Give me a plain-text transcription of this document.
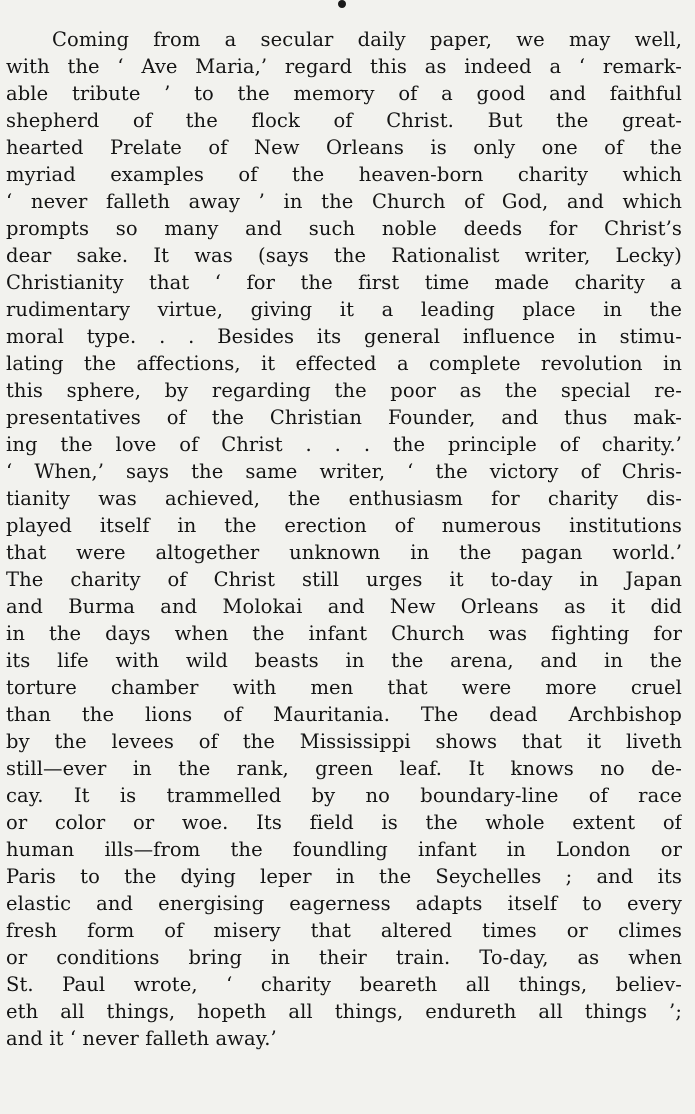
Coming from a secular daily paper, we may well,
with the ‘ Ave Maria,’ regard this as indeed a ‘ remark-
able tribute ’ to the memory of a good and faithful
shepherd of the flock of Christ. But the great-
hearted Prelate of New Orleans is only one of the
myriad examples of the heaven-born charity which
‘ never falleth away ’ in the Church of God, and which
prompts so many and such noble deeds for Christ’s
dear sake. It was (says the Rationalist writer, Lecky)
Christianity that ‘ for the first time made charity a
rudimentary virtue, giving it a leading place in the
moral type. . . Besides its general influence in stimu-
lating the affections, it effected a complete revolution in
this sphere, by regarding the poor as the special re-
presentatives of the Christian Founder, and thus mak-
ing the love of Christ . . . the principle of charity.’
‘ When,’ says the same writer, ‘ the victory of Chris-
tianity was achieved, the enthusiasm for charity dis-
played itself in the erection of numerous institutions
that were altogether unknown in the pagan world.’
The charity of Christ still urges it to-day in Japan
and Burma and Molokai and New Orleans as it did
in the days when the infant Church was fighting for
its life with wild beasts in the arena, and in the
torture chamber with men that were more cruel
than the lions of Mauritania. The dead Archbishop
by the levees of the Mississippi shows that it liveth
still—ever in the rank, green leaf. It knows no de-
cay. It is trammelled by no boundary-line of race
or color or woe. Its field is the whole extent of
human ills—from the foundling infant in London or
Paris to the dying leper in the Seychelles ; and its
elastic and energising eagerness adapts itself to every
fresh form of misery that altered times or climes
or conditions bring in their train. To-day, as when
St. Paul wrote, ‘ charity beareth all things, believ-
eth all things, hopeth all things, endureth all things ’;
and it ‘ never falleth away.’
